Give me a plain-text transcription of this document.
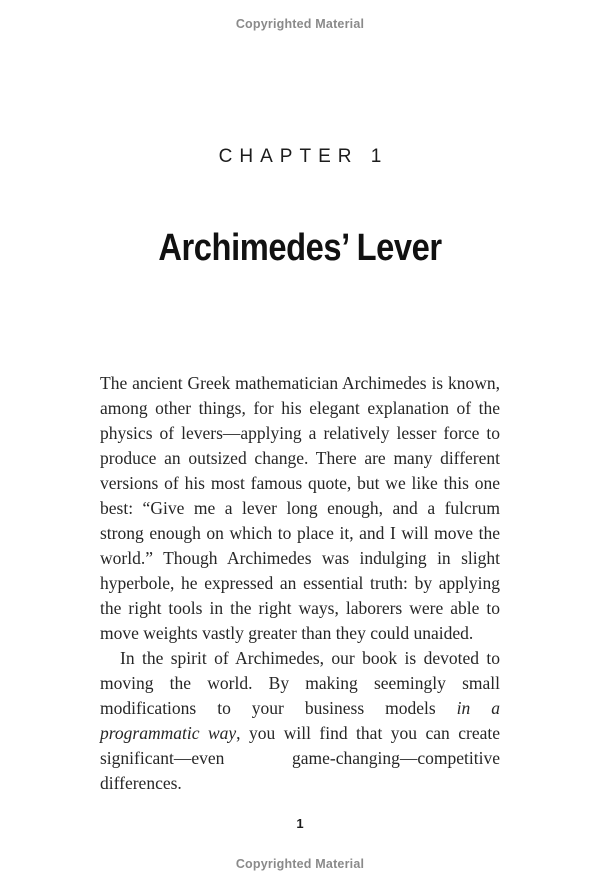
Copyrighted Material
CHAPTER 1
Archimedes’ Lever

The ancient Greek mathematician Archimedes is known, among other things, for his elegant explanation of the physics of levers—applying a relatively lesser force to produce an outsized change. There are many different versions of his most famous quote, but we like this one best: “Give me a lever long enough, and a fulcrum strong enough on which to place it, and I will move the world.” Though Archimedes was indulging in slight hyperbole, he expressed an essential truth: by applying the right tools in the right ways, laborers were able to move weights vastly greater than they could unaided.

In the spirit of Archimedes, our book is devoted to moving the world. By making seemingly small modifications to your business models in a programmatic way, you will find that you can create significant—even game-changing—competitive differences.

1
Copyrighted Material
